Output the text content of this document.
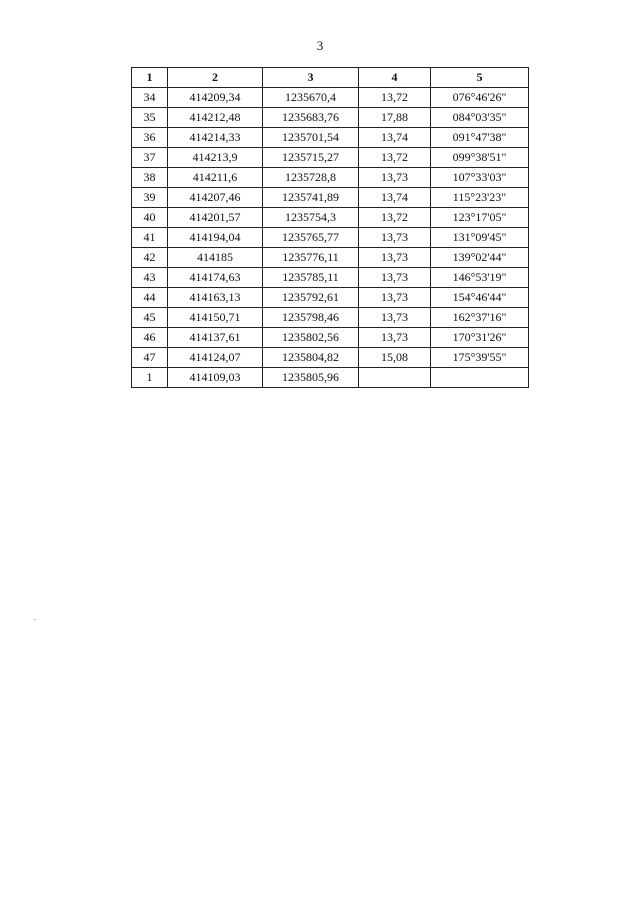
3
1	2	3	4	5
34	414209,34	1235670,4	13,72	076°46'26"
35	414212,48	1235683,76	17,88	084°03'35"
36	414214,33	1235701,54	13,74	091°47'38"
37	414213,9	1235715,27	13,72	099°38'51"
38	414211,6	1235728,8	13,73	107°33'03"
39	414207,46	1235741,89	13,74	115°23'23"
40	414201,57	1235754,3	13,72	123°17'05"
41	414194,04	1235765,77	13,73	131°09'45"
42	414185	1235776,11	13,73	139°02'44"
43	414174,63	1235785,11	13,73	146°53'19"
44	414163,13	1235792,61	13,73	154°46'44"
45	414150,71	1235798,46	13,73	162°37'16"
46	414137,61	1235802,56	13,73	170°31'26"
47	414124,07	1235804,82	15,08	175°39'55"
1	414109,03	1235805,96		
